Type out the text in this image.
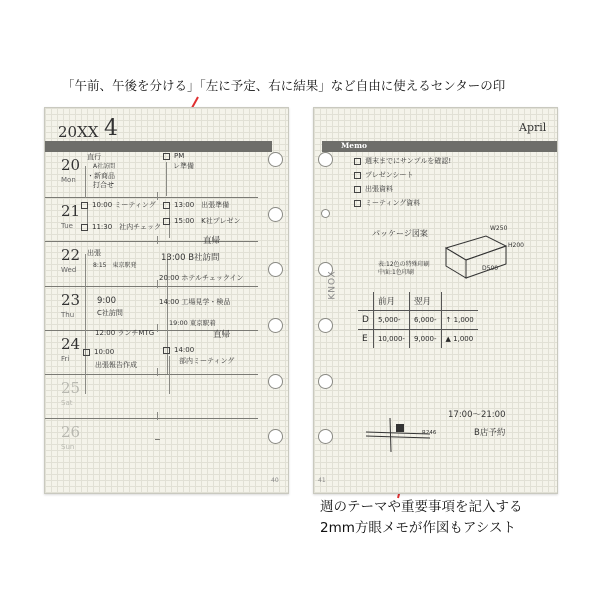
「午前、午後を分ける」「左に予定、右に結果」など自由に使えるセンターの印
週のテーマや重要事項を記入する
2mm方眼メモが作図もアシスト
20XX 4
20
Mon
21
Tue
22
Wed
23
Thu
24
Fri
25
Sat
26
Sun
直行
A社訪問
・新商品
打合せ
PM
レ準備
10:00 ミーティング
11:30　社内チェック
13:00　出張準備
15:00　K社プレゼン
直帰
出張
8:15　東京駅発
13:00 B社訪問
20:00 ホテルチェックイン
9:00
C社訪問
12:00 ランチMTG
14:00 工場見学・検品
19:00 東京駅着
直帰
10:00
出張報告作成
14:00
部内ミーティング
40
April
Memo
KNOX
週末までにサンプルを確認!
プレゼンシート
出張資料
ミーティング資料
パッケージ図案
W250
H200
D500
表:12色の特殊印刷
中面:1色印刷
	前月	翌月	
D	5,000-	6,000-	↑ 1,000
E	10,000-	9,000-	▲ 1,000
17:00～21:00
B店予約
R246
41
